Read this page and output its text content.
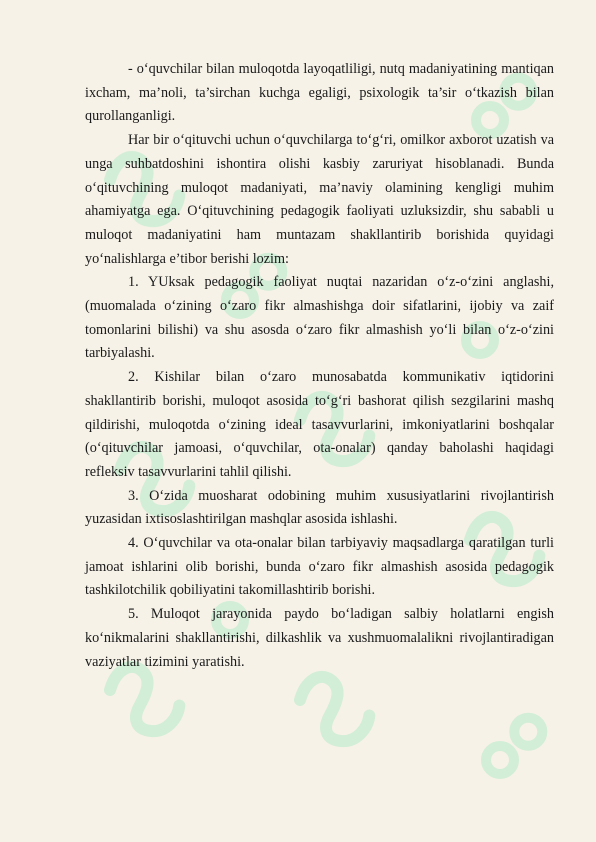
- o‘quvchilar bilan muloqotda layoqatliligi, nutq madaniyatining mantiqan ixcham, ma’noli, ta’sirchan kuchga egaligi, psixologik ta’sir o‘tkazish bilan qurollanganligi.

Har bir o‘qituvchi uchun o‘quvchilarga to‘g‘ri, omilkor axborot uzatish va unga suhbatdoshini ishontira olishi kasbiy zaruriyat hisoblanadi. Bunda o‘qituvchining muloqot madaniyati, ma’naviy olamining kengligi muhim ahamiyatga ega. O‘qituvchining pedagogik faoliyati uzluksizdir, shu sababli u muloqot madaniyatini ham muntazam shakllantirib borishida quyidagi yo‘nalishlarga e’tibor berishi lozim:

1. YUksak pedagogik faoliyat nuqtai nazaridan o‘z-o‘zini anglashi, (muomalada o‘zining o‘zaro fikr almashishga doir sifatlarini, ijobiy va zaif tomonlarini bilishi) va shu asosda o‘zaro fikr almashish yo‘li bilan o‘z-o‘zini tarbiyalashi.

2. Kishilar bilan o‘zaro munosabatda kommunikativ iqtidorini shakllantirib borishi, muloqot asosida to‘g‘ri bashorat qilish sezgilarini mashq qildirishi, muloqotda o‘zining ideal tasavvurlarini, imkoniyatlarini boshqalar (o‘qituvchilar jamoasi, o‘quvchilar, ota-onalar) qanday baholashi haqidagi refleksiv tasavvurlarini tahlil qilishi.

3. O‘zida muosharat odobining muhim xususiyatlarini rivojlantirish yuzasidan ixtisoslashtirilgan mashqlar asosida ishlashi.

4. O‘quvchilar va ota-onalar bilan tarbiyaviy maqsadlarga qaratilgan turli jamoat ishlarini olib borishi, bunda o‘zaro fikr almashish asosida pedagogik tashkilotchilik qobiliyatini takomillashtirib borishi.

5. Muloqot jarayonida paydo bo‘ladigan salbiy holatlarni engish ko‘nikmalarini shakllantirishi, dilkashlik va xushmuomalalikni rivojlantiradigan vaziyatlar tizimini yaratishi.
